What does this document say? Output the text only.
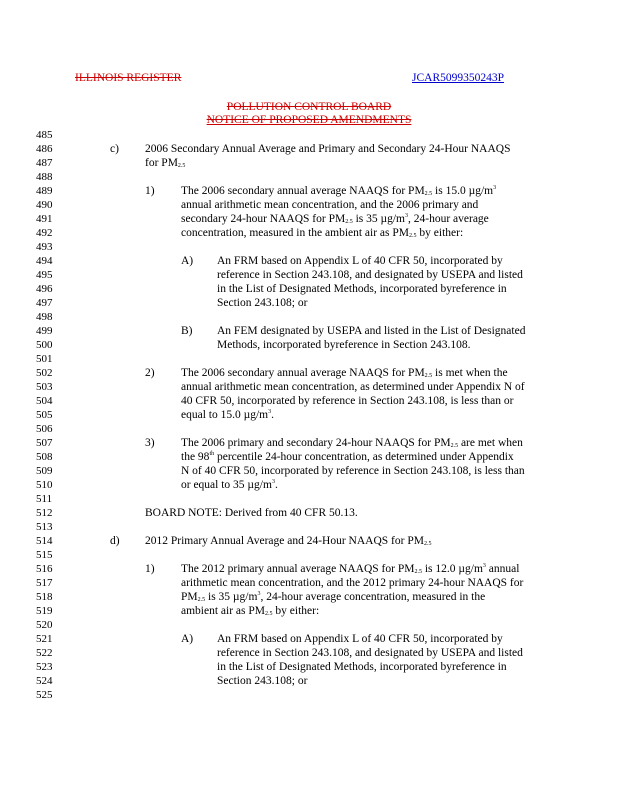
ILLINOIS REGISTER	JCAR5099350243P
POLLUTION CONTROL BOARD
NOTICE OF PROPOSED AMENDMENTS
485
486
487
488
489
490
491
492
493
494
495
496
497
498
499
500
501
502
503
504
505
506
507
508
509
510
511
512
513
514
515
516
517
518
519
520
521
522
523
524
525
c) 2006 Secondary Annual Average and Primary and Secondary 24-Hour NAAQS
for $PM_{2.5}$
1) The 2006 secondary annual average NAAQS for $PM_{2.5}$ is 15.0 $\mu g/m^3$
annual arithmetic mean concentration, and the 2006 primary and
secondary 24-hour NAAQS for $PM_{2.5}$ is 35 $\mu g/m^3$, 24-hour average
concentration, measured in the ambient air as $PM_{2.5}$ by either:
A) An FRM based on Appendix L of 40 CFR 50, incorporated by
reference in Section 243.108, and designated by USEPA and listed
in the List of Designated Methods, incorporated byreference in
Section 243.108; or
B) An FEM designated by USEPA and listed in the List of Designated
Methods, incorporated byreference in Section 243.108.
2) The 2006 secondary annual average NAAQS for $PM_{2.5}$ is met when the
annual arithmetic mean concentration, as determined under Appendix N of
40 CFR 50, incorporated by reference in Section 243.108, is less than or
equal to 15.0 $\mu g/m^3$.
3) The 2006 primary and secondary 24-hour NAAQS for $PM_{2.5}$ are met when
the 98th percentile 24-hour concentration, as determined under Appendix
N of 40 CFR 50, incorporated by reference in Section 243.108, is less than
or equal to 35 $\mu g/m^3$.
BOARD NOTE: Derived from 40 CFR 50.13.
d) 2012 Primary Annual Average and 24-Hour NAAQS for $PM_{2.5}$
1) The 2012 primary annual average NAAQS for $PM_{2.5}$ is 12.0 $\mu g/m^3$ annual
arithmetic mean concentration, and the 2012 primary 24-hour NAAQS for
$PM_{2.5}$ is 35 $\mu g/m^3$, 24-hour average concentration, measured in the
ambient air as $PM_{2.5}$ by either:
A) An FRM based on Appendix L of 40 CFR 50, incorporated by
reference in Section 243.108, and designated by USEPA and listed
in the List of Designated Methods, incorporated byreference in
Section 243.108; or
